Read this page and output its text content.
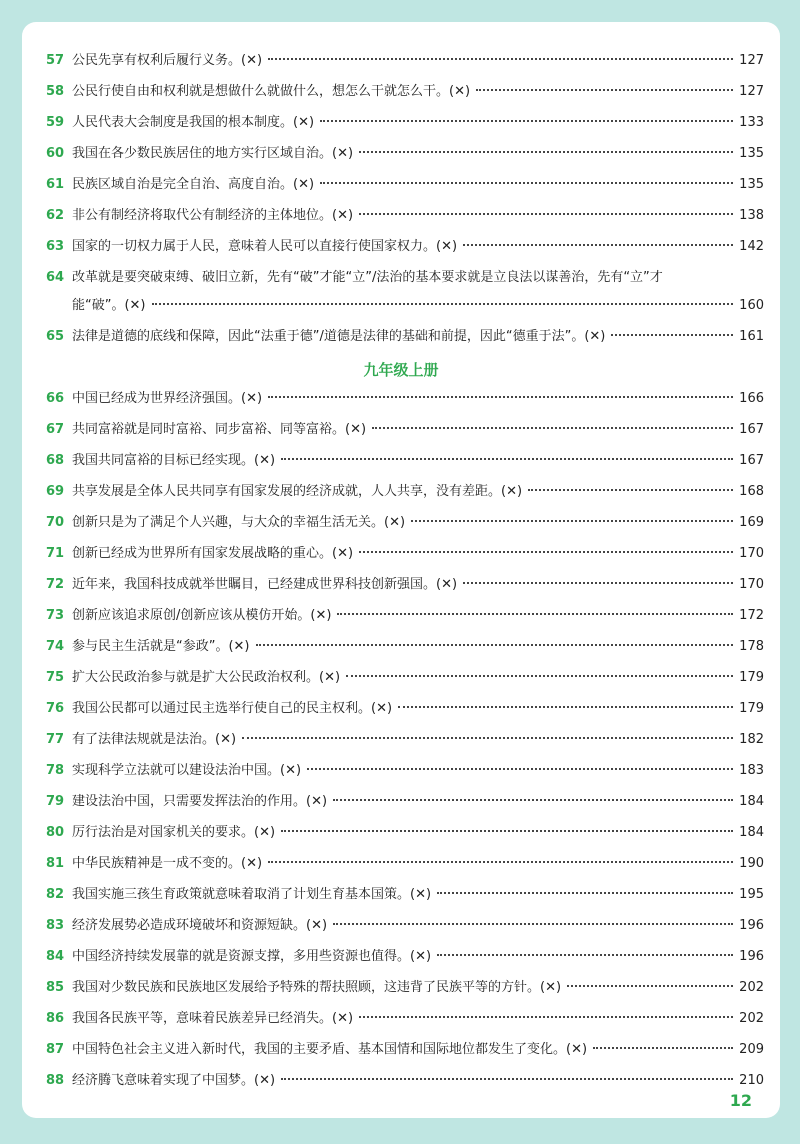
57 公民先享有权利后履行义务。(✕)	127
58 公民行使自由和权利就是想做什么就做什么，想怎么干就怎么干。(✕)	127
59 人民代表大会制度是我国的根本制度。(✕)	133
60 我国在各少数民族居住的地方实行区域自治。(✕)	135
61 民族区域自治是完全自治、高度自治。(✕)	135
62 非公有制经济将取代公有制经济的主体地位。(✕)	138
63 国家的一切权力属于人民，意味着人民可以直接行使国家权力。(✕)	142
64 改革就是要突破束缚、破旧立新，先有“破”才能“立”/法治的基本要求就是立良法以谋善治，先有“立”才
能“破”。(✕)	160
65 法律是道德的底线和保障，因此“法重于德”/道德是法律的基础和前提，因此“德重于法”。(✕)	161
九年级上册
66 中国已经成为世界经济强国。(✕)	166
67 共同富裕就是同时富裕、同步富裕、同等富裕。(✕)	167
68 我国共同富裕的目标已经实现。(✕)	167
69 共享发展是全体人民共同享有国家发展的经济成就，人人共享，没有差距。(✕)	168
70 创新只是为了满足个人兴趣，与大众的幸福生活无关。(✕)	169
71 创新已经成为世界所有国家发展战略的重心。(✕)	170
72 近年来，我国科技成就举世瞩目，已经建成世界科技创新强国。(✕)	170
73 创新应该追求原创/创新应该从模仿开始。(✕)	172
74 参与民主生活就是“参政”。(✕)	178
75 扩大公民政治参与就是扩大公民政治权利。(✕)	179
76 我国公民都可以通过民主选举行使自己的民主权利。(✕)	179
77 有了法律法规就是法治。(✕)	182
78 实现科学立法就可以建设法治中国。(✕)	183
79 建设法治中国，只需要发挥法治的作用。(✕)	184
80 厉行法治是对国家机关的要求。(✕)	184
81 中华民族精神是一成不变的。(✕)	190
82 我国实施三孩生育政策就意味着取消了计划生育基本国策。(✕)	195
83 经济发展势必造成环境破坏和资源短缺。(✕)	196
84 中国经济持续发展靠的就是资源支撑，多用些资源也值得。(✕)	196
85 我国对少数民族和民族地区发展给予特殊的帮扶照顾，这违背了民族平等的方针。(✕)	202
86 我国各民族平等，意味着民族差异已经消失。(✕)	202
87 中国特色社会主义进入新时代，我国的主要矛盾、基本国情和国际地位都发生了变化。(✕)	209
88 经济腾飞意味着实现了中国梦。(✕)	210
12
